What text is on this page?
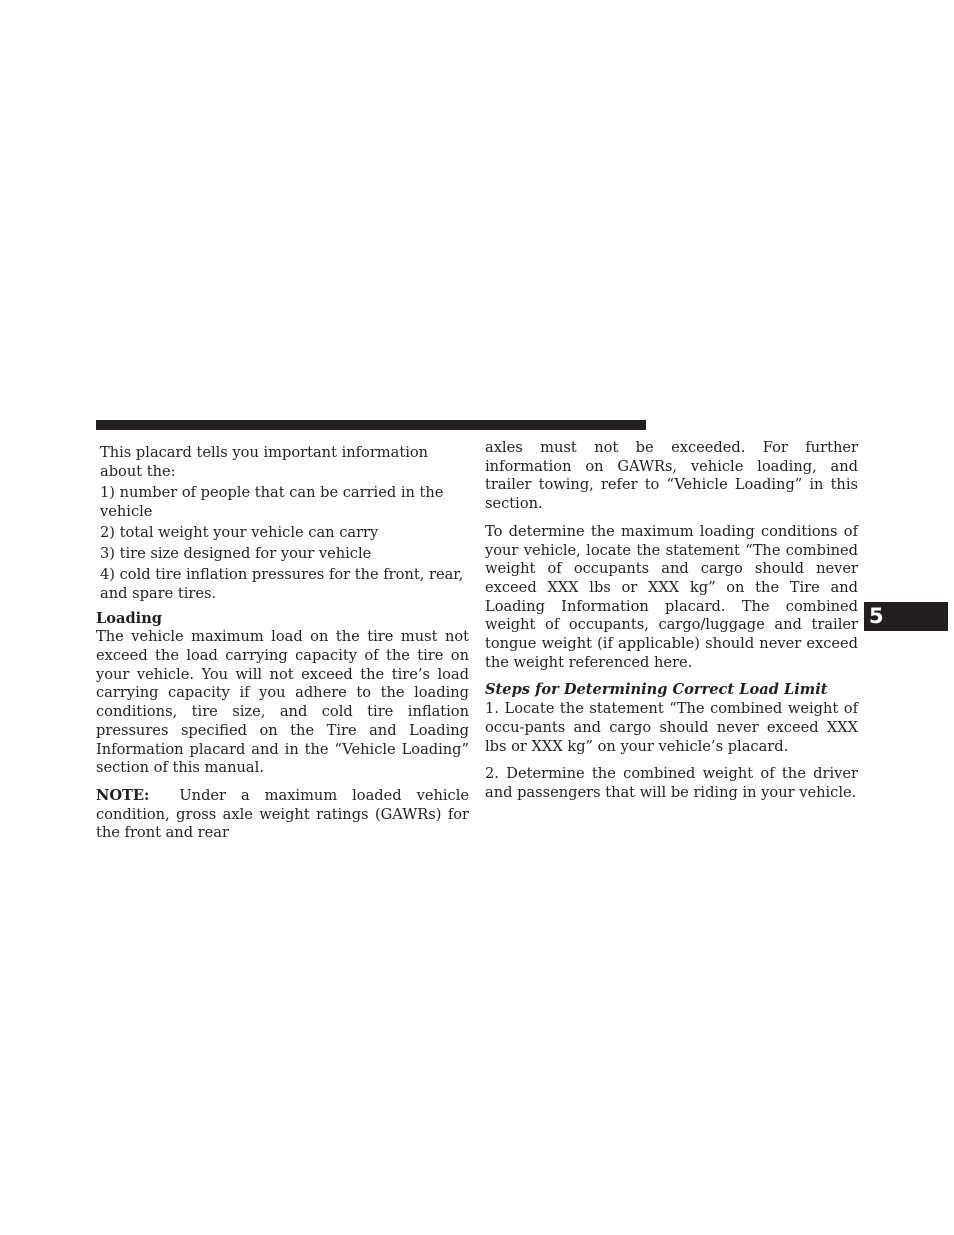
This placard tells you important information about the:

1) number of people that can be carried in the vehicle

2) total weight your vehicle can carry

3) tire size designed for your vehicle

4) cold tire inflation pressures for the front, rear, and spare tires.

Loading

The vehicle maximum load on the tire must not exceed the load carrying capacity of the tire on your vehicle. You will not exceed the tire’s load carrying capacity if you adhere to the loading conditions, tire size, and cold tire inflation pressures specified on the Tire and Loading Information placard and in the “Vehicle Loading” section of this manual.

NOTE: Under a maximum loaded vehicle condition, gross axle weight ratings (GAWRs) for the front and rear

axles must not be exceeded. For further information on GAWRs, vehicle loading, and trailer towing, refer to “Vehicle Loading” in this section.

To determine the maximum loading conditions of your vehicle, locate the statement “The combined weight of occupants and cargo should never exceed XXX lbs or XXX kg” on the Tire and Loading Information placard. The combined weight of occupants, cargo/luggage and trailer tongue weight (if applicable) should never exceed the weight referenced here.

Steps for Determining Correct Load Limit

1. Locate the statement “The combined weight of occu-pants and cargo should never exceed XXX lbs or XXX kg” on your vehicle’s placard.

2. Determine the combined weight of the driver and passengers that will be riding in your vehicle.

5
